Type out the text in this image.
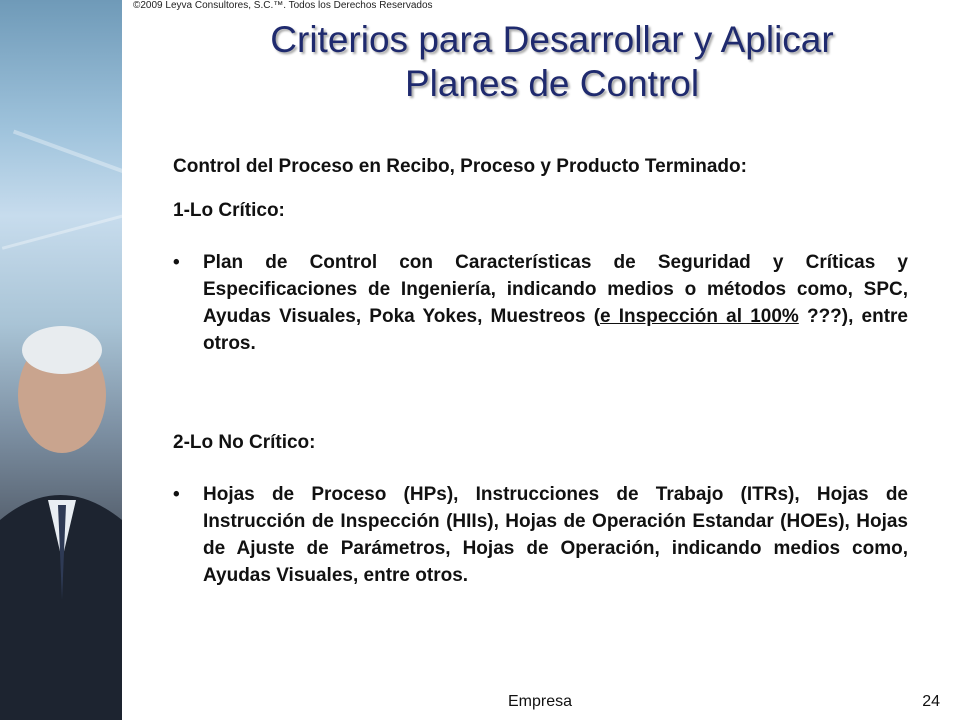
©2009 Leyva Consultores, S.C.™. Todos los Derechos Reservados
Criterios para Desarrollar y Aplicar
Planes de Control
Control del Proceso en Recibo, Proceso y Producto Terminado:
1-Lo Crítico:
•	Plan de Control con Características de Seguridad y Críticas y Especificaciones de Ingeniería, indicando medios o métodos como, SPC, Ayudas Visuales, Poka Yokes, Muestreos (e Inspección al 100% ???), entre otros.
2-Lo No Crítico:
•	Hojas de Proceso (HPs), Instrucciones de Trabajo (ITRs), Hojas de Instrucción de Inspección (HIIs), Hojas de Operación Estandar (HOEs), Hojas de Ajuste de Parámetros, Hojas de Operación, indicando medios como, Ayudas Visuales, entre otros.
Empresa	24
